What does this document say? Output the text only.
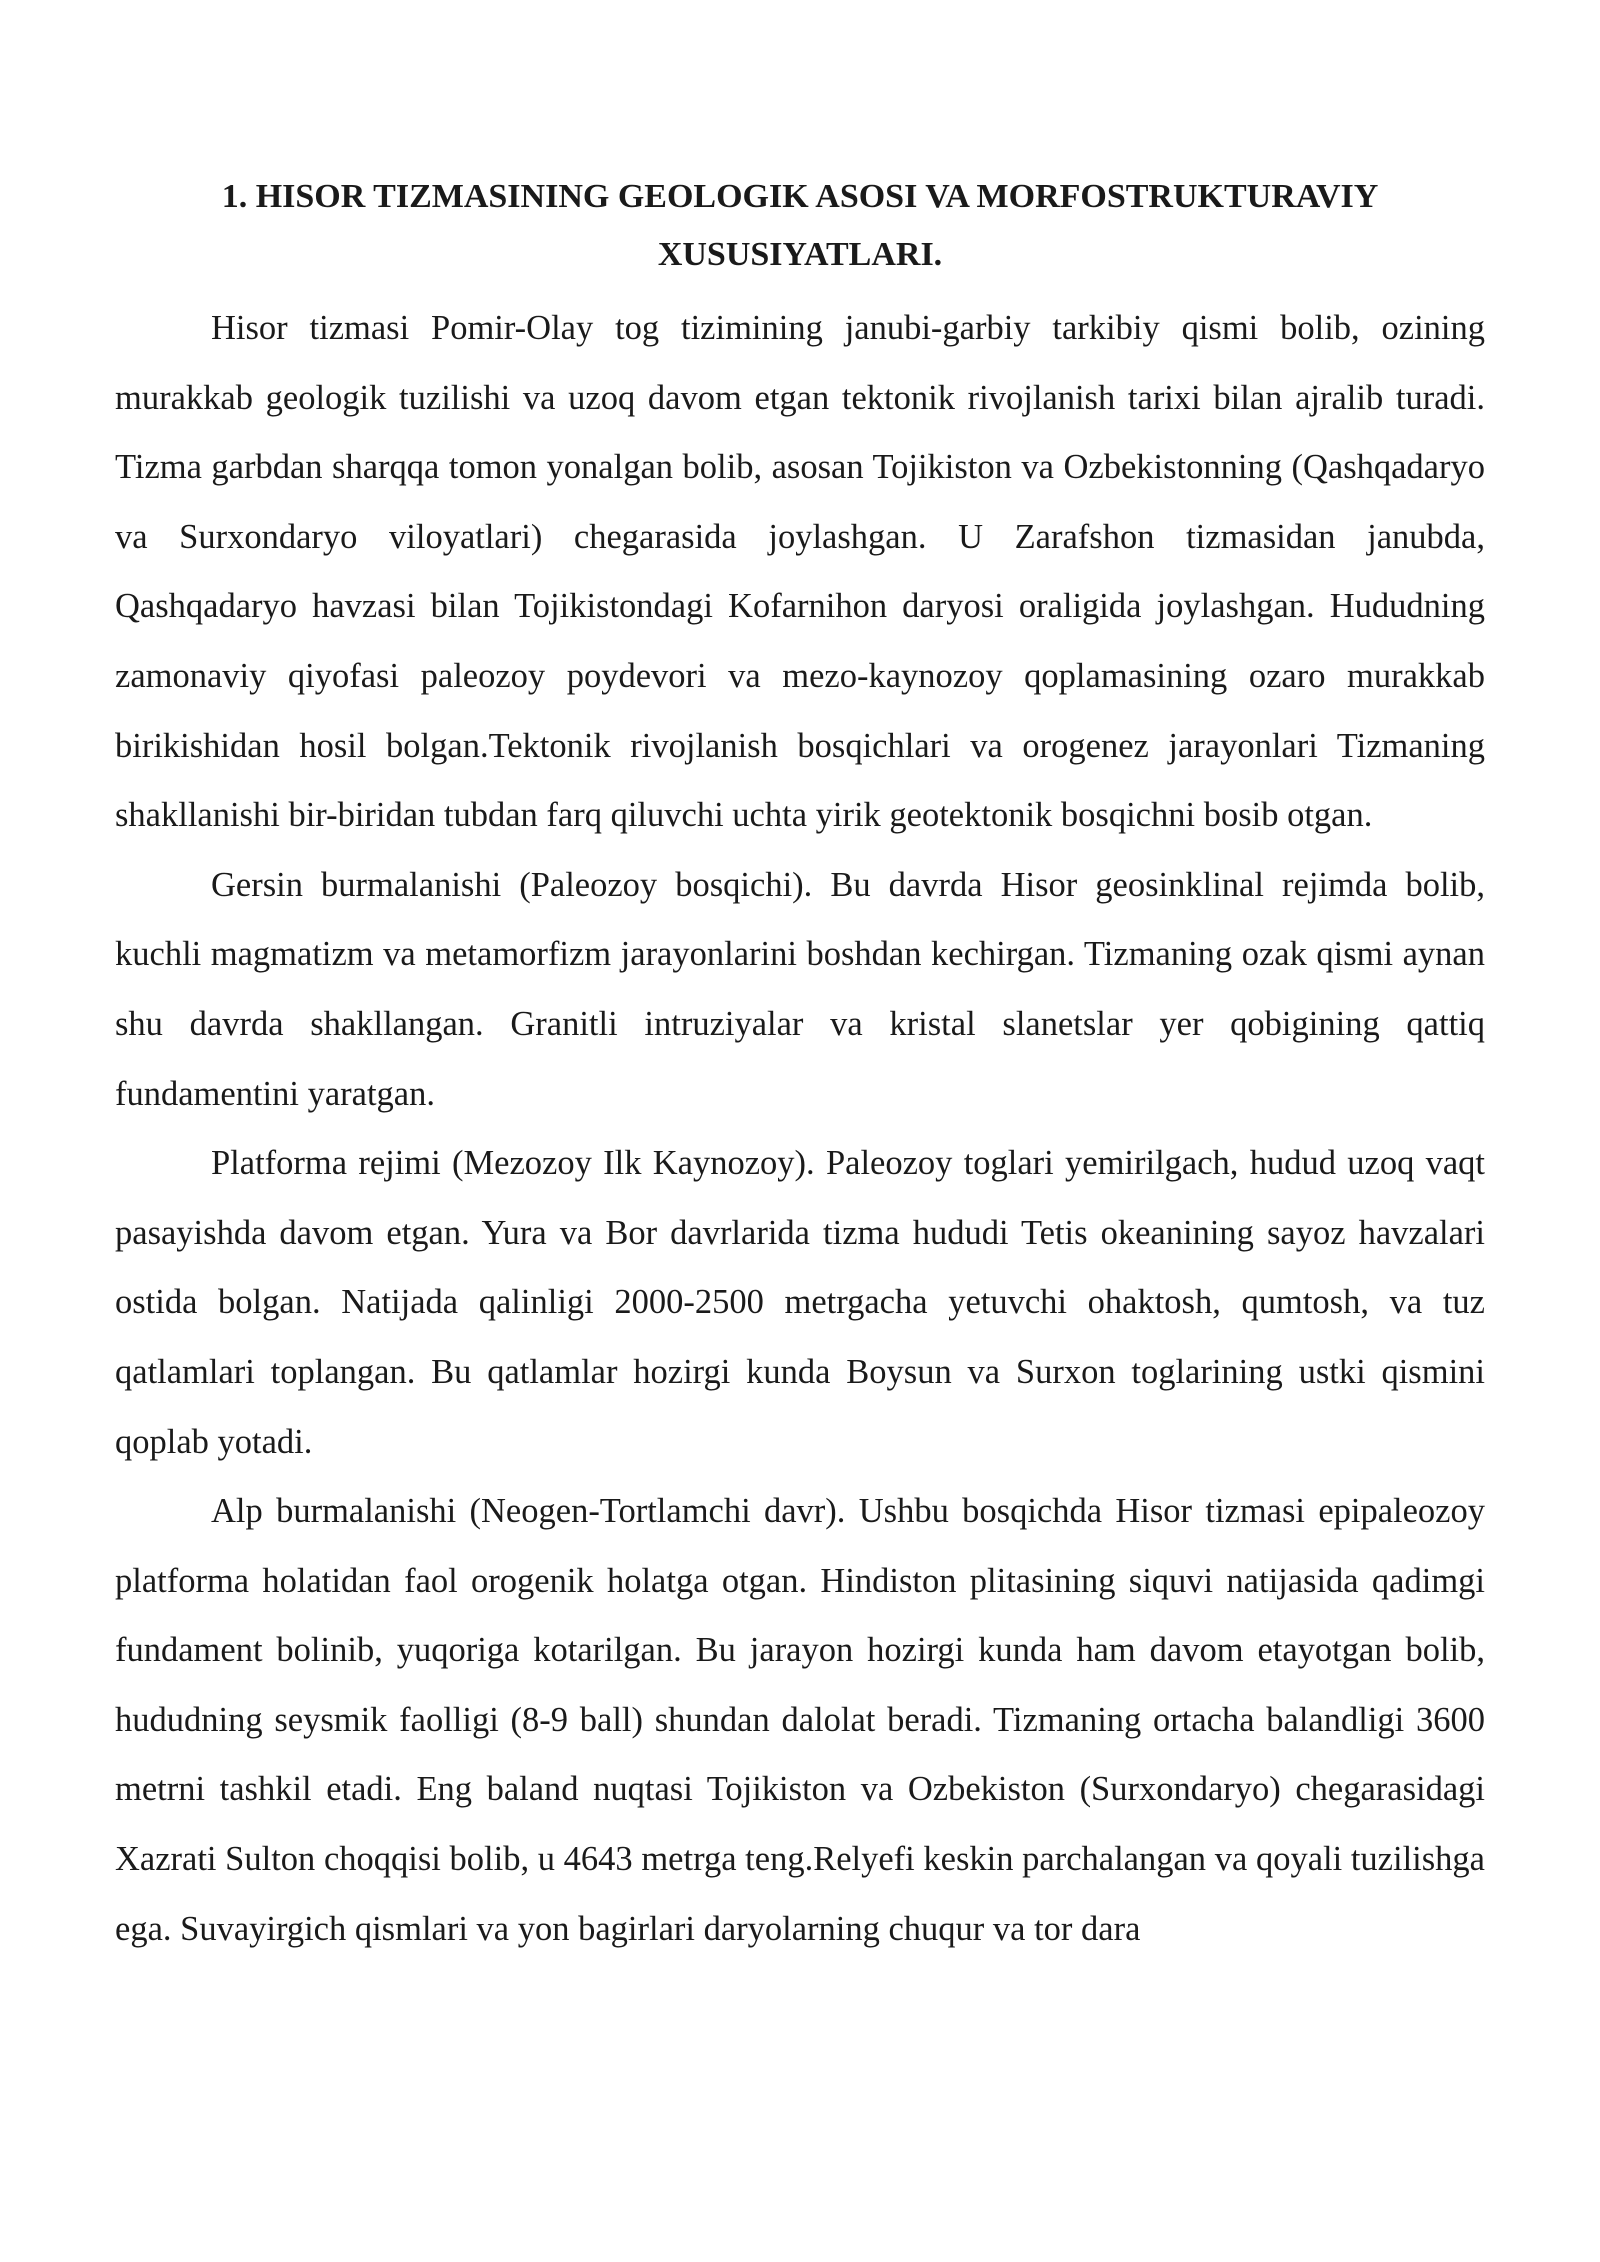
1. HISOR TIZMASINING GEOLOGIK ASOSI VA MORFOSTRUKTURAVIY
XUSUSIYATLARI.

Hisor tizmasi Pomir-Olay tog tizimining janubi-garbiy tarkibiy qismi bolib, ozining murakkab geologik tuzilishi va uzoq davom etgan tektonik rivojlanish tarixi bilan ajralib turadi. Tizma garbdan sharqqa tomon yonalgan bolib, asosan Tojikiston va Ozbekistonning (Qashqadaryo va Surxondaryo viloyatlari) chegarasida joylashgan. U Zarafshon tizmasidan janubda, Qashqadaryo havzasi bilan Tojikistondagi Kofarnihon daryosi oraligida joylashgan. Hududning zamonaviy qiyofasi paleozoy poydevori va mezo-kaynozoy qoplamasining ozaro murakkab birikishidan hosil bolgan.Tektonik rivojlanish bosqichlari va orogenez jarayonlari Tizmaning shakllanishi bir-biridan tubdan farq qiluvchi uchta yirik geotektonik bosqichni bosib otgan.

Gersin burmalanishi (Paleozoy bosqichi). Bu davrda Hisor geosinklinal rejimda bolib, kuchli magmatizm va metamorfizm jarayonlarini boshdan kechirgan. Tizmaning ozak qismi aynan shu davrda shakllangan. Granitli intruziyalar va kristal slanetslar yer qobigining qattiq fundamentini yaratgan.

Platforma rejimi (Mezozoy Ilk Kaynozoy). Paleozoy toglari yemirilgach, hudud uzoq vaqt pasayishda davom etgan. Yura va Bor davrlarida tizma hududi Tetis okeanining sayoz havzalari ostida bolgan. Natijada qalinligi 2000-2500 metrgacha yetuvchi ohaktosh, qumtosh, va tuz qatlamlari toplangan. Bu qatlamlar hozirgi kunda Boysun va Surxon toglarining ustki qismini qoplab yotadi.

Alp burmalanishi (Neogen-Tortlamchi davr). Ushbu bosqichda Hisor tizmasi epipaleozoy platforma holatidan faol orogenik holatga otgan. Hindiston plitasining siquvi natijasida qadimgi fundament bolinib, yuqoriga kotarilgan. Bu jarayon hozirgi kunda ham davom etayotgan bolib, hududning seysmik faolligi (8-9 ball) shundan dalolat beradi. Tizmaning ortacha balandligi 3600 metrni tashkil etadi. Eng baland nuqtasi Tojikiston va Ozbekiston (Surxondaryo) chegarasidagi Xazrati Sulton choqqisi bolib, u 4643 metrga teng.Relyefi keskin parchalangan va qoyali tuzilishga ega. Suvayirgich qismlari va yon bagirlari daryolarning chuqur va tor dara
